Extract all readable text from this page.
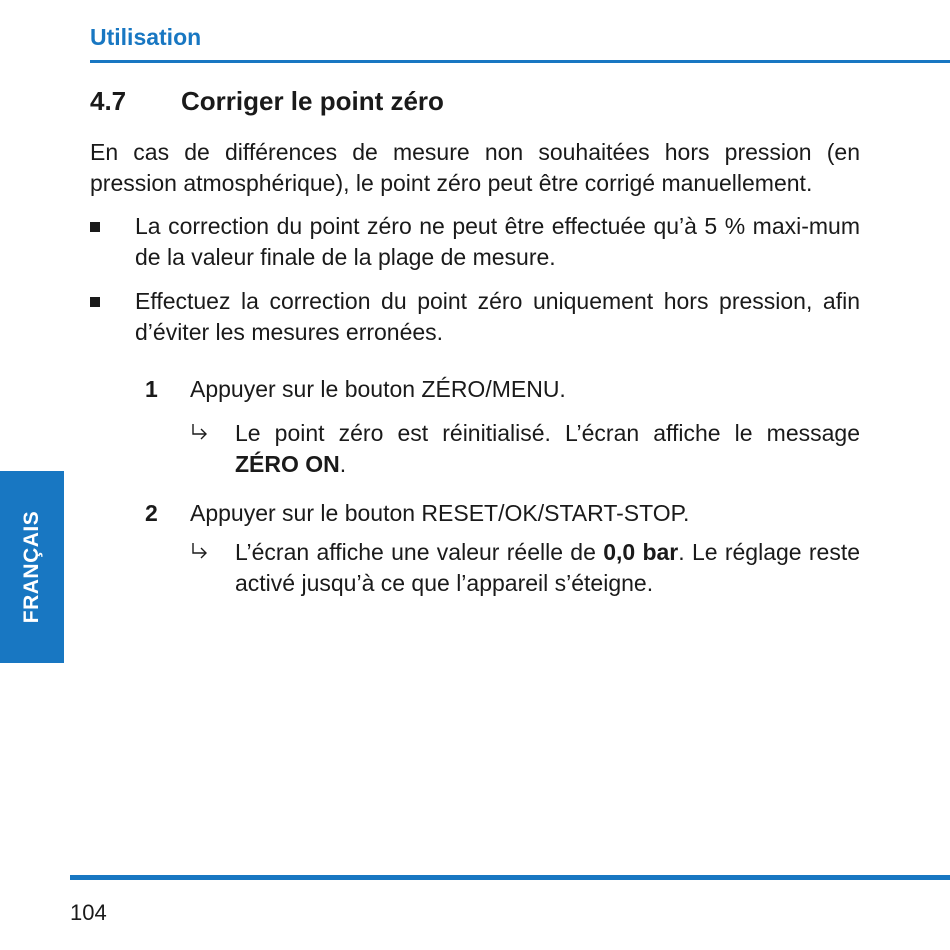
Utilisation
4.7 Corriger le point zéro
En cas de différences de mesure non souhaitées hors pression (en pression atmosphérique), le point zéro peut être corrigé manuellement.
La correction du point zéro ne peut être effectuée qu’à 5 % maxi-mum de la valeur finale de la plage de mesure.
Effectuez la correction du point zéro uniquement hors pression, afin d’éviter les mesures erronées.
1 Appuyer sur le bouton ZÉRO/MENU.
Le point zéro est réinitialisé. L’écran affiche le message ZÉRO ON.
2 Appuyer sur le bouton RESET/OK/START-STOP.
L’écran affiche une valeur réelle de 0,0 bar. Le réglage reste activé jusqu’à ce que l’appareil s’éteigne.
FRANÇAIS
104
